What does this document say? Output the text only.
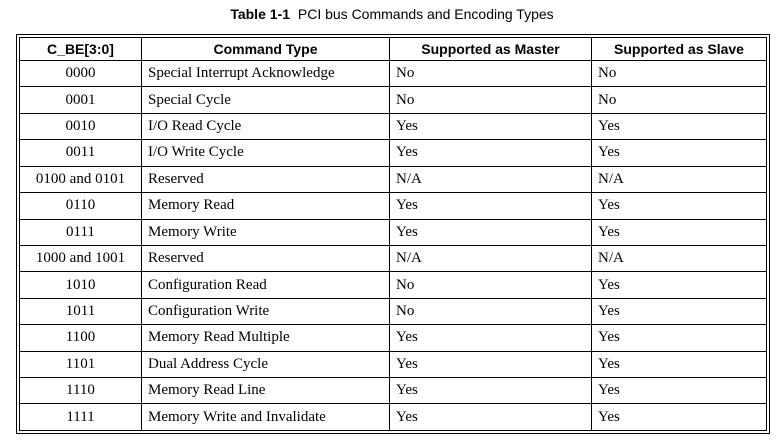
Table 1-1 PCI bus Commands and Encoding Types
C_BE[3:0]	Command Type	Supported as Master	Supported as Slave
0000	Special Interrupt Acknowledge	No	No
0001	Special Cycle	No	No
0010	I/O Read Cycle	Yes	Yes
0011	I/O Write Cycle	Yes	Yes
0100 and 0101	Reserved	N/A	N/A
0110	Memory Read	Yes	Yes
0111	Memory Write	Yes	Yes
1000 and 1001	Reserved	N/A	N/A
1010	Configuration Read	No	Yes
1011	Configuration Write	No	Yes
1100	Memory Read Multiple	Yes	Yes
1101	Dual Address Cycle	Yes	Yes
1110	Memory Read Line	Yes	Yes
1111	Memory Write and Invalidate	Yes	Yes
